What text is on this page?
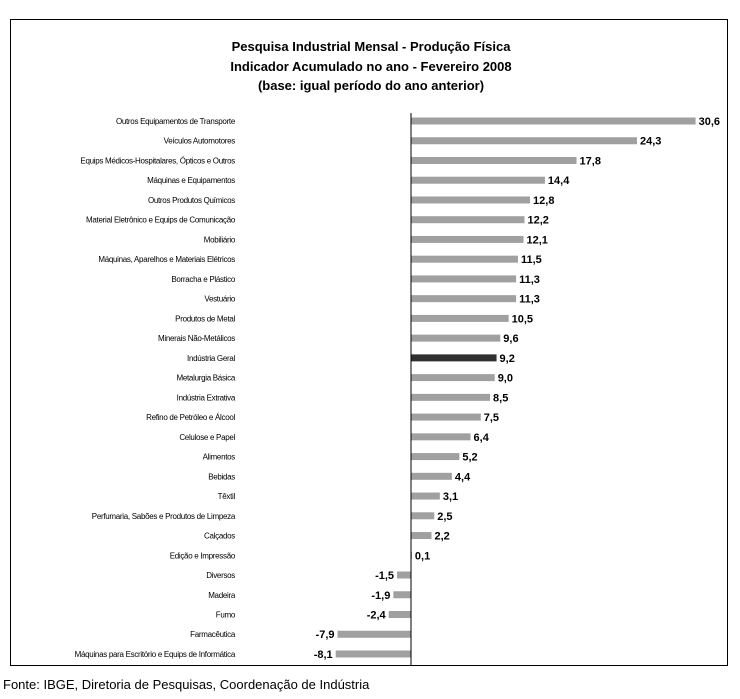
Pesquisa Industrial Mensal - Produção Física
Indicador Acumulado no ano - Fevereiro 2008
(base: igual período do ano anterior)
Outros Equipamentos de Transporte
Veículos Automotores
Equips Médicos-Hospitalares, Ópticos e Outros
Máquinas e Equipamentos
Outros Produtos Químicos
Material Eletrônico e Equips de Comunicação
Mobiliário
Máquinas, Aparelhos e Materiais Elétricos
Borracha e Plástico
Vestuário
Produtos de Metal
Minerais Não-Metálicos
Indústria Geral
Metalurgia Básica
Indústria Extrativa
Refino de Petróleo e Álcool
Celulose e Papel
Alimentos
Bebidas
Têxtil
Perfumaria, Sabões e Produtos de Limpeza
Calçados
Edição e Impressão
Diversos
Madeira
Fumo
Farmacêutica
Máquinas para Escritório e Equips de Informática
30,6
24,3
17,8
14,4
12,8
12,2
12,1
11,5
11,3
11,3
10,5
9,6
9,2
9,0
8,5
7,5
6,4
5,2
4,4
3,1
2,5
2,2
0,1
-1,5
-1,9
-2,4
-7,9
-8,1
Fonte: IBGE, Diretoria de Pesquisas, Coordenação de Indústria
